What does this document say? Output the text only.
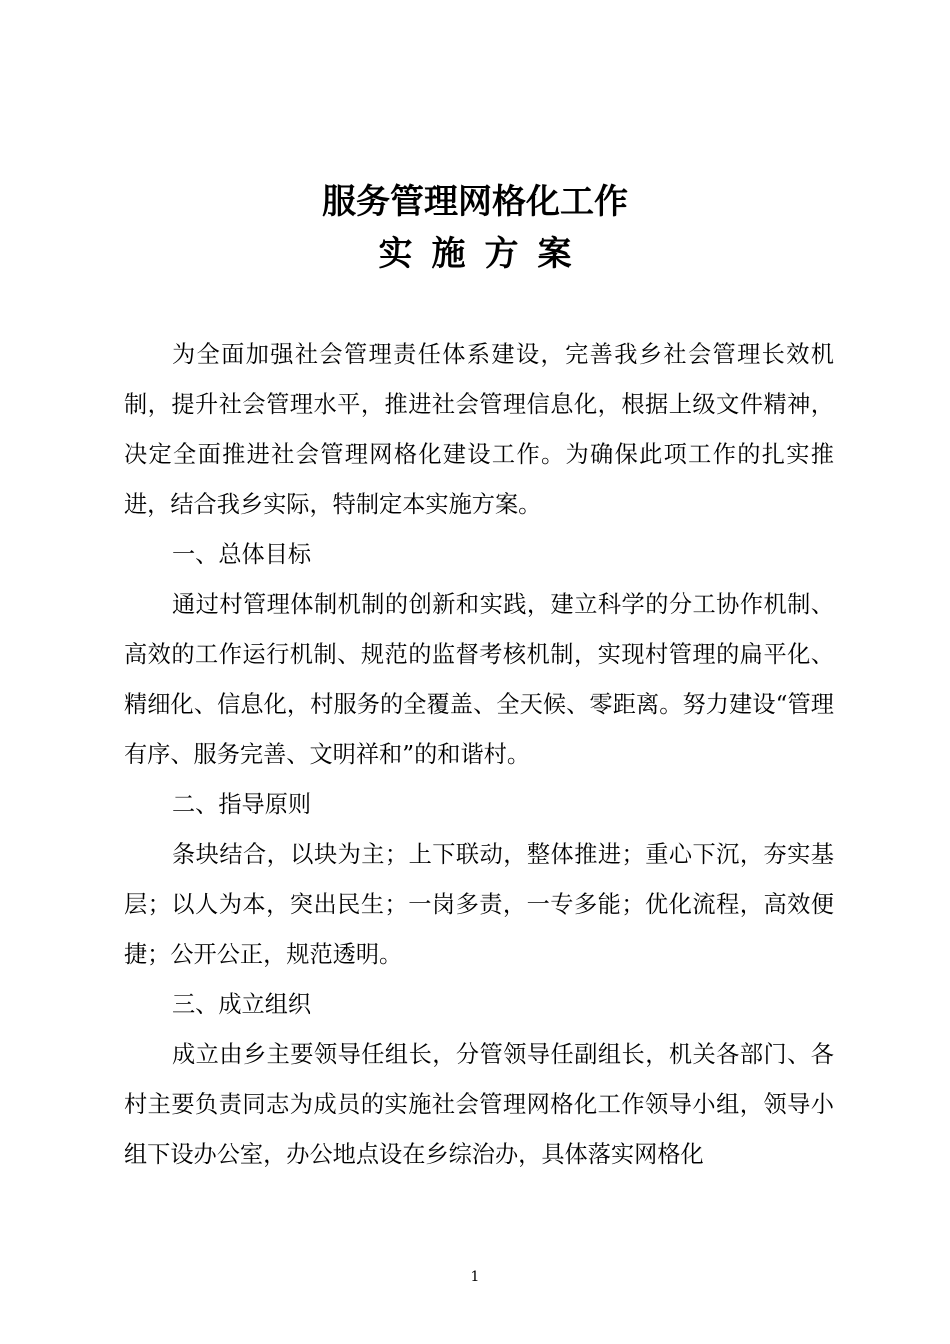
服务管理网格化工作
实施方案

为全面加强社会管理责任体系建设，完善我乡社会管理长效机制，提升社会管理水平，推进社会管理信息化，根据上级文件精神，决定全面推进社会管理网格化建设工作。为确保此项工作的扎实推进，结合我乡实际，特制定本实施方案。

一、总体目标

通过村管理体制机制的创新和实践，建立科学的分工协作机制、高效的工作运行机制、规范的监督考核机制，实现村管理的扁平化、精细化、信息化，村服务的全覆盖、全天候、零距离。努力建设“管理有序、服务完善、文明祥和”的和谐村。

二、指导原则

条块结合，以块为主；上下联动，整体推进；重心下沉，夯实基层；以人为本，突出民生；一岗多责，一专多能；优化流程，高效便捷；公开公正，规范透明。

三、成立组织

成立由乡主要领导任组长，分管领导任副组长，机关各部门、各村主要负责同志为成员的实施社会管理网格化工作领导小组，领导小组下设办公室，办公地点设在乡综治办，具体落实网格化

1
